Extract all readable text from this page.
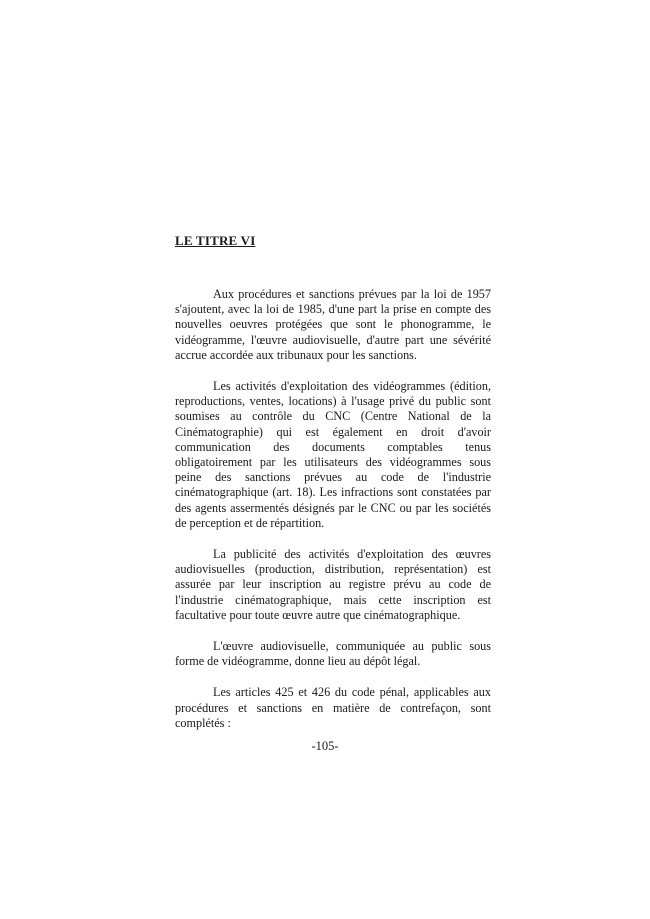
LE TITRE VI

Aux procédures et sanctions prévues par la loi de 1957 s'ajoutent, avec la loi de 1985, d'une part la prise en compte des nouvelles oeuvres protégées que sont le phonogramme, le vidéogramme, l'œuvre audiovisuelle, d'autre part une sévérité accrue accordée aux tribunaux pour les sanctions.

Les activités d'exploitation des vidéogrammes (édition, reproductions, ventes, locations) à l'usage privé du public sont soumises au contrôle du CNC (Centre National de la Cinématographie) qui est également en droit d'avoir communication des documents comptables tenus obligatoirement par les utilisateurs des vidéogrammes sous peine des sanctions prévues au code de l'industrie cinématographique (art. 18). Les infractions sont constatées par des agents assermentés désignés par le CNC ou par les sociétés de perception et de répartition.

La publicité des activités d'exploitation des œuvres audiovisuelles (production, distribution, représentation) est assurée par leur inscription au registre prévu au code de l'industrie cinématographique, mais cette inscription est facultative pour toute œuvre autre que cinématographique.

L'œuvre audiovisuelle, communiquée au public sous forme de vidéogramme, donne lieu au dépôt légal.

Les articles 425 et 426 du code pénal, applicables aux procédures et sanctions en matière de contrefaçon, sont complétés :

-105-
